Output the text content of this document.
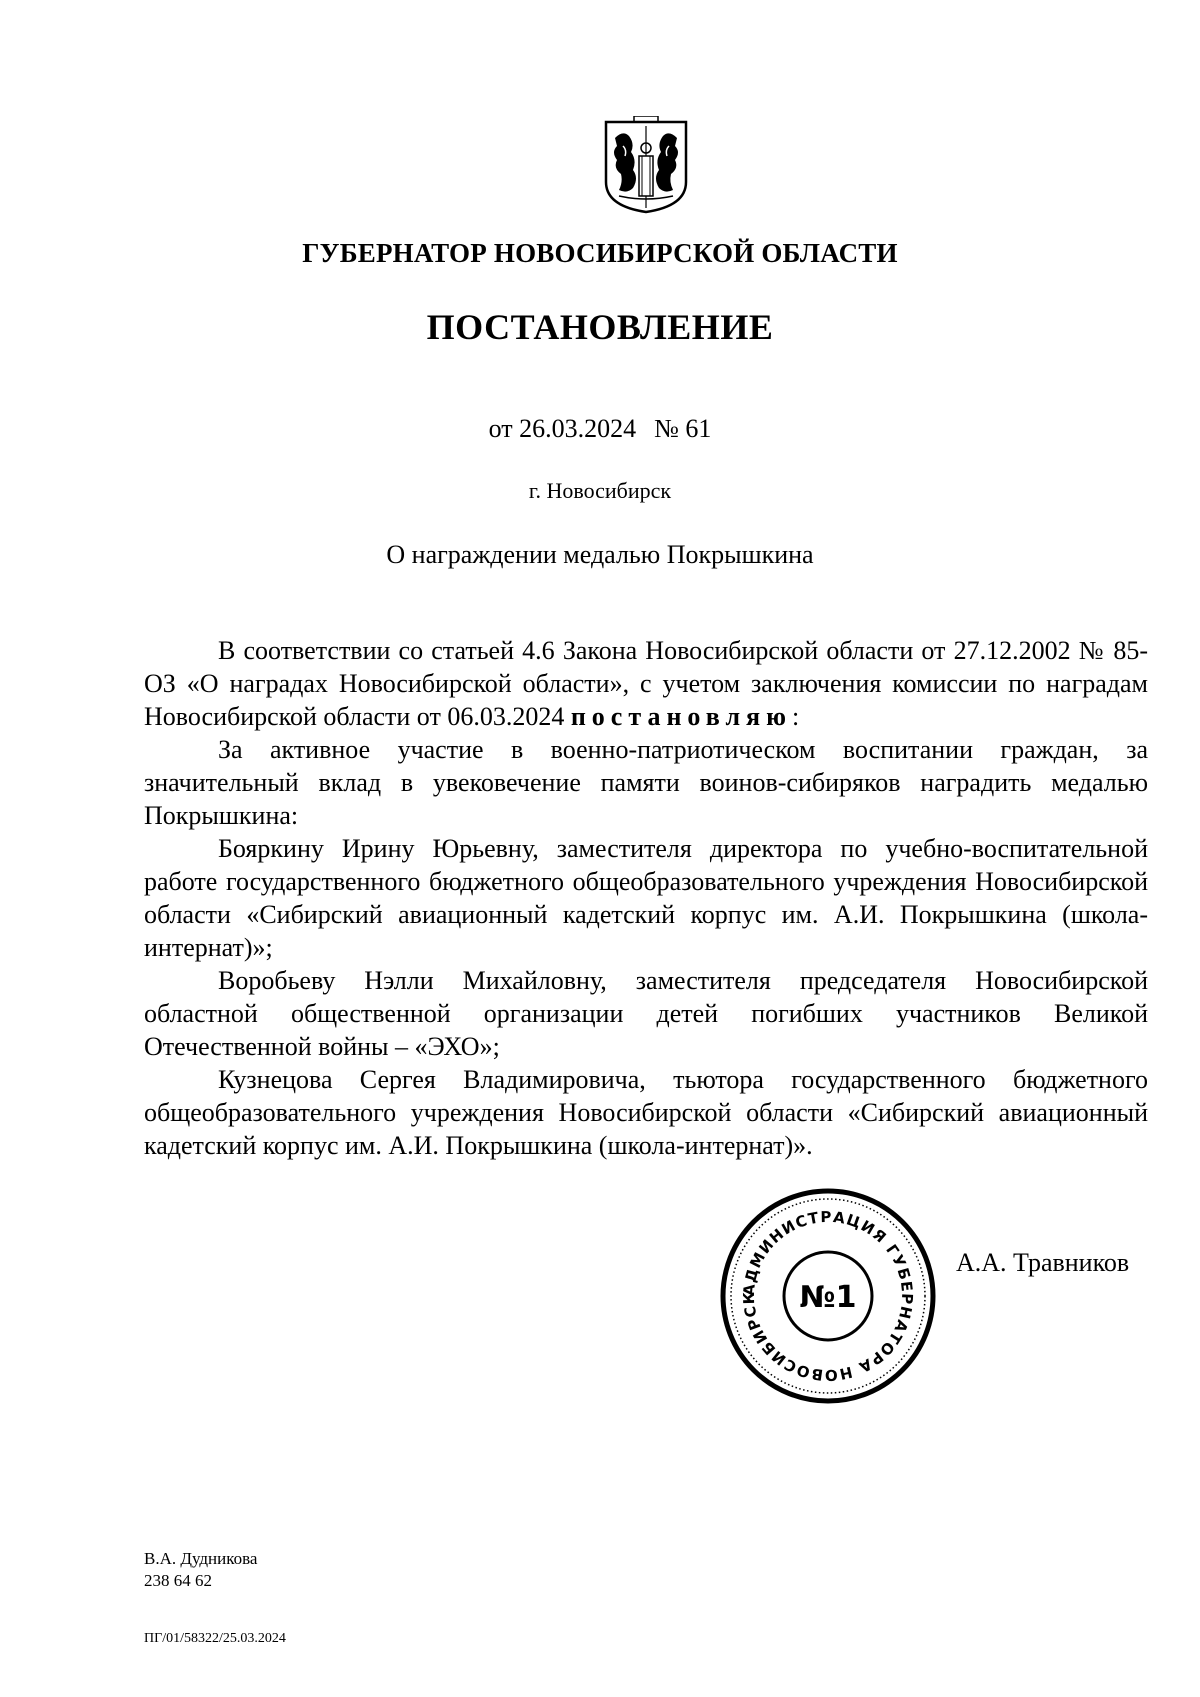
ГУБЕРНАТОР НОВОСИБИРСКОЙ ОБЛАСТИ
ПОСТАНОВЛЕНИЕ
от 26.03.2024 № 61
г. Новосибирск
О награждении медалью Покрышкина

В соответствии со статьей 4.6 Закона Новосибирской области от 27.12.2002 № 85-ОЗ «О наградах Новосибирской области», с учетом заключения комиссии по наградам Новосибирской области от 06.03.2024 постановляю:

За активное участие в военно-патриотическом воспитании граждан, за значительный вклад в увековечение памяти воинов-сибиряков наградить медалью Покрышкина:

Бояркину Ирину Юрьевну, заместителя директора по учебно-воспитательной работе государственного бюджетного общеобразовательного учреждения Новосибирской области «Сибирский авиационный кадетский корпус им. А.И. Покрышкина (школа-интернат)»;

Воробьеву Нэлли Михайловну, заместителя председателя Новосибирской областной общественной организации детей погибших участников Великой Отечественной войны – «ЭХО»;

Кузнецова Сергея Владимировича, тьютора государственного бюджетного общеобразовательного учреждения Новосибирской области «Сибирский авиационный кадетский корпус им. А.И. Покрышкина (школа-интернат)».

АДМИНИСТРАЦИЯ ГУБЕРНАТОРА НОВОСИБИРСК	№1
А.А. Травников
В.А. Дудникова
238 64 62
ПГ/01/58322/25.03.2024
